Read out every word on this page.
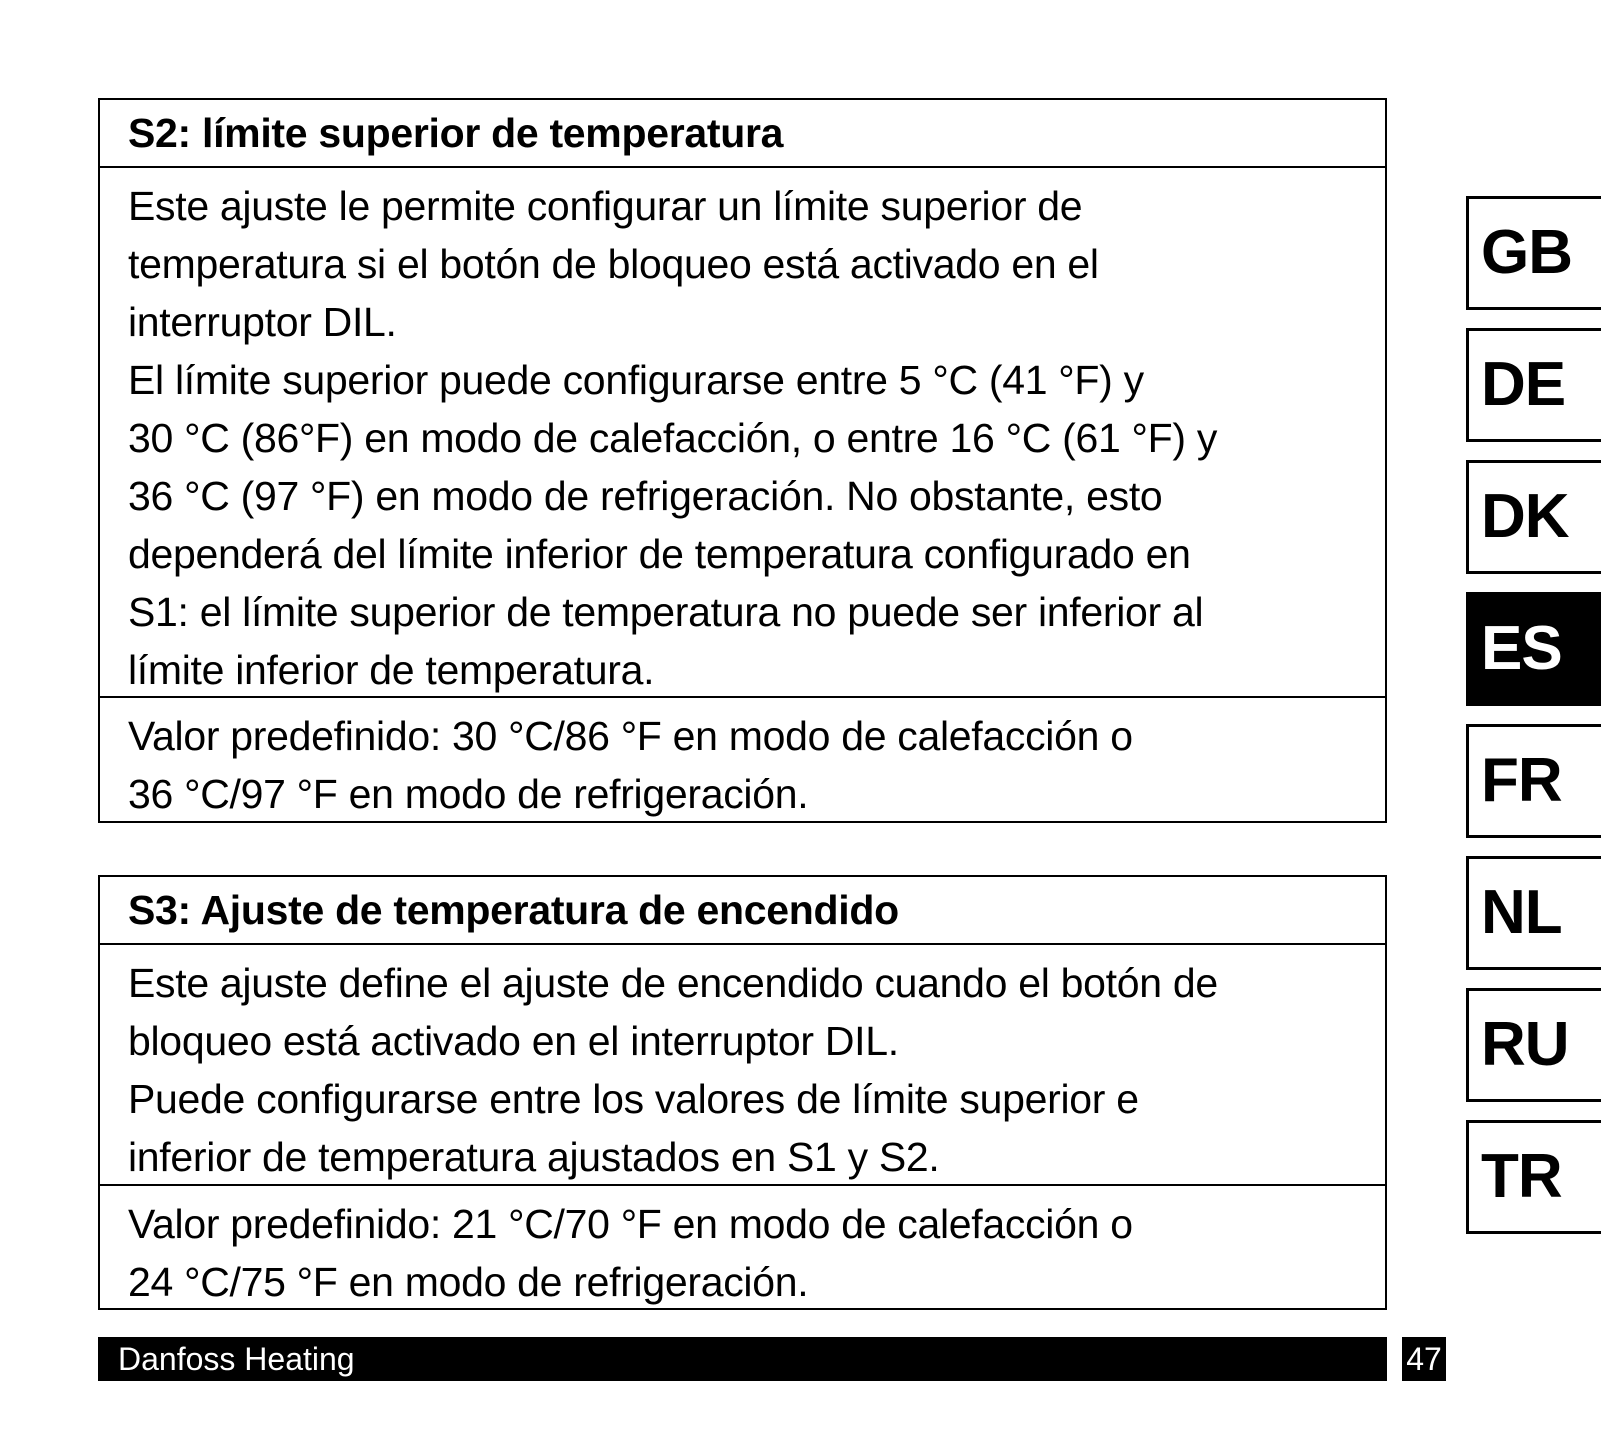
S2: límite superior de temperatura

Este ajuste le permite configurar un límite superior de

temperatura si el botón de bloqueo está activado en el

interruptor DIL.

El límite superior puede configurarse entre 5 °C (41 °F) y

30 °C (86°F) en modo de calefacción, o entre 16 °C (61 °F) y

36 °C (97 °F) en modo de refrigeración. No obstante, esto

dependerá del límite inferior de temperatura configurado en

S1: el límite superior de temperatura no puede ser inferior al

límite inferior de temperatura.

Valor predefinido: 30 °C/86 °F en modo de calefacción o

36 °C/97 °F en modo de refrigeración.

S3: Ajuste de temperatura de encendido

Este ajuste define el ajuste de encendido cuando el botón de

bloqueo está activado en el interruptor DIL.

Puede configurarse entre los valores de límite superior e

inferior de temperatura ajustados en S1 y S2.

Valor predefinido: 21 °C/70 °F en modo de calefacción o

24 °C/75 °F en modo de refrigeración.

Danfoss Heating	47
GB
DE
DK
ES
FR
NL
RU
TR
